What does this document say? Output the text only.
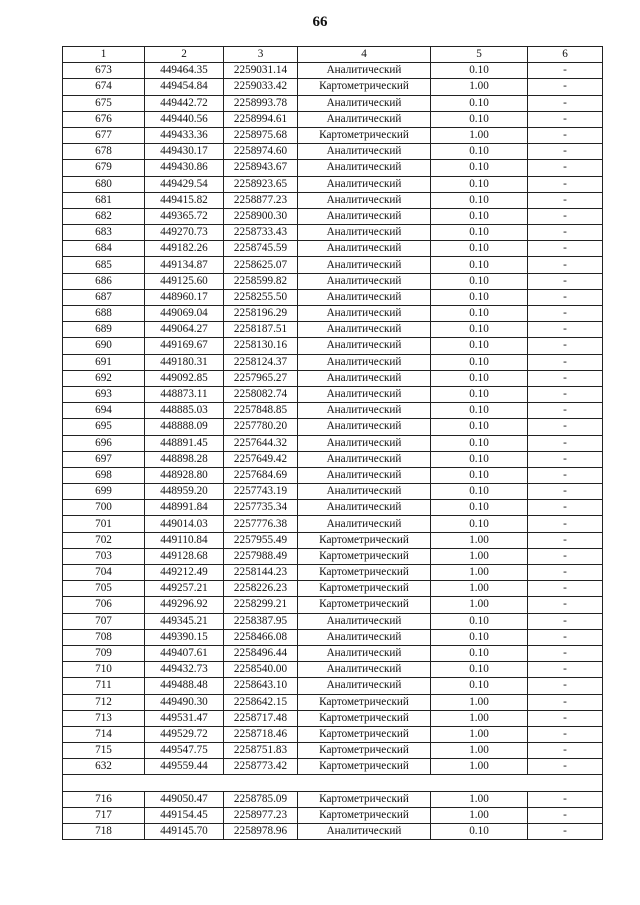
66
1	2	3	4	5	6
673	449464.35	2259031.14	Аналитический	0.10	-
674	449454.84	2259033.42	Картометрический	1.00	-
675	449442.72	2258993.78	Аналитический	0.10	-
676	449440.56	2258994.61	Аналитический	0.10	-
677	449433.36	2258975.68	Картометрический	1.00	-
678	449430.17	2258974.60	Аналитический	0.10	-
679	449430.86	2258943.67	Аналитический	0.10	-
680	449429.54	2258923.65	Аналитический	0.10	-
681	449415.82	2258877.23	Аналитический	0.10	-
682	449365.72	2258900.30	Аналитический	0.10	-
683	449270.73	2258733.43	Аналитический	0.10	-
684	449182.26	2258745.59	Аналитический	0.10	-
685	449134.87	2258625.07	Аналитический	0.10	-
686	449125.60	2258599.82	Аналитический	0.10	-
687	448960.17	2258255.50	Аналитический	0.10	-
688	449069.04	2258196.29	Аналитический	0.10	-
689	449064.27	2258187.51	Аналитический	0.10	-
690	449169.67	2258130.16	Аналитический	0.10	-
691	449180.31	2258124.37	Аналитический	0.10	-
692	449092.85	2257965.27	Аналитический	0.10	-
693	448873.11	2258082.74	Аналитический	0.10	-
694	448885.03	2257848.85	Аналитический	0.10	-
695	448888.09	2257780.20	Аналитический	0.10	-
696	448891.45	2257644.32	Аналитический	0.10	-
697	448898.28	2257649.42	Аналитический	0.10	-
698	448928.80	2257684.69	Аналитический	0.10	-
699	448959.20	2257743.19	Аналитический	0.10	-
700	448991.84	2257735.34	Аналитический	0.10	-
701	449014.03	2257776.38	Аналитический	0.10	-
702	449110.84	2257955.49	Картометрический	1.00	-
703	449128.68	2257988.49	Картометрический	1.00	-
704	449212.49	2258144.23	Картометрический	1.00	-
705	449257.21	2258226.23	Картометрический	1.00	-
706	449296.92	2258299.21	Картометрический	1.00	-
707	449345.21	2258387.95	Аналитический	0.10	-
708	449390.15	2258466.08	Аналитический	0.10	-
709	449407.61	2258496.44	Аналитический	0.10	-
710	449432.73	2258540.00	Аналитический	0.10	-
711	449488.48	2258643.10	Аналитический	0.10	-
712	449490.30	2258642.15	Картометрический	1.00	-
713	449531.47	2258717.48	Картометрический	1.00	-
714	449529.72	2258718.46	Картометрический	1.00	-
715	449547.75	2258751.83	Картометрический	1.00	-
632	449559.44	2258773.42	Картометрический	1.00	-

716	449050.47	2258785.09	Картометрический	1.00	-
717	449154.45	2258977.23	Картометрический	1.00	-
718	449145.70	2258978.96	Аналитический	0.10	-
